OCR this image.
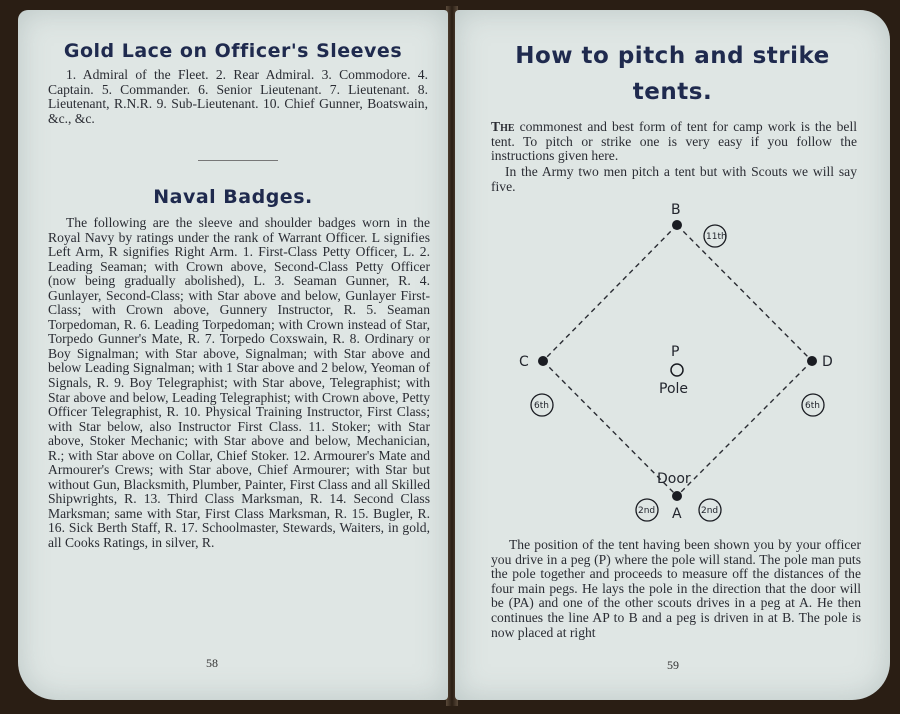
Gold Lace on Officer's Sleeves
1. Admiral of the Fleet. 2. Rear Admiral. 3. Commodore. 4. Captain. 5. Commander. 6. Senior Lieutenant. 7. Lieutenant. 8. Lieutenant, R.N.R. 9. Sub-Lieutenant. 10. Chief Gunner, Boatswain, &c., &c.
Naval Badges.
The following are the sleeve and shoulder badges worn in the Royal Navy by ratings under the rank of Warrant Officer. L signifies Left Arm, R signifies Right Arm. 1. First-Class Petty Officer, L. 2. Leading Seaman; with Crown above, Second-Class Petty Officer (now being gradually abolished), L. 3. Seaman Gunner, R. 4. Gunlayer, Second-Class; with Star above and below, Gunlayer First-Class; with Crown above, Gunnery Instructor, R. 5. Seaman Torpedoman, R. 6. Leading Torpedoman; with Crown instead of Star, Torpedo Gunner's Mate, R. 7. Torpedo Coxswain, R. 8. Ordinary or Boy Signalman; with Star above, Signalman; with Star above and below Leading Signalman; with 1 Star above and 2 below, Yeoman of Signals, R. 9. Boy Telegraphist; with Star above, Telegraphist; with Star above and below, Leading Telegraphist; with Crown above, Petty Officer Telegraphist, R. 10. Physical Training Instructor, First Class; with Star below, also Instructor First Class. 11. Stoker; with Star above, Stoker Mechanic; with Star above and below, Mechanician, R.; with Star above on Collar, Chief Stoker. 12. Armourer's Mate and Armourer's Crews; with Star above, Chief Armourer; with Star but without Gun, Blacksmith, Plumber, Painter, First Class and all Skilled Shipwrights, R. 13. Third Class Marksman, R. 14. Second Class Marksman; same with Star, First Class Marksman, R. 15. Bugler, R. 16. Sick Berth Staff, R. 17. Schoolmaster, Stewards, Waiters, in gold, all Cooks Ratings, in silver, R.
58
How to pitch and strike
tents.
The commonest and best form of tent for camp work is the bell tent. To pitch or strike one is very easy if you follow the instructions given here.
In the Army two men pitch a tent but with Scouts we will say five.
B
C	D
A
P
Pole
Door
11th
6th	6th
2nd	2nd
The position of the tent having been shown you by your officer you drive in a peg (P) where the pole will stand. The pole man puts the pole together and proceeds to measure off the distances of the four main pegs. He lays the pole in the direction that the door will be (PA) and one of the other scouts drives in a peg at A. He then continues the line AP to B and a peg is driven in at B. The pole is now placed at right
59
